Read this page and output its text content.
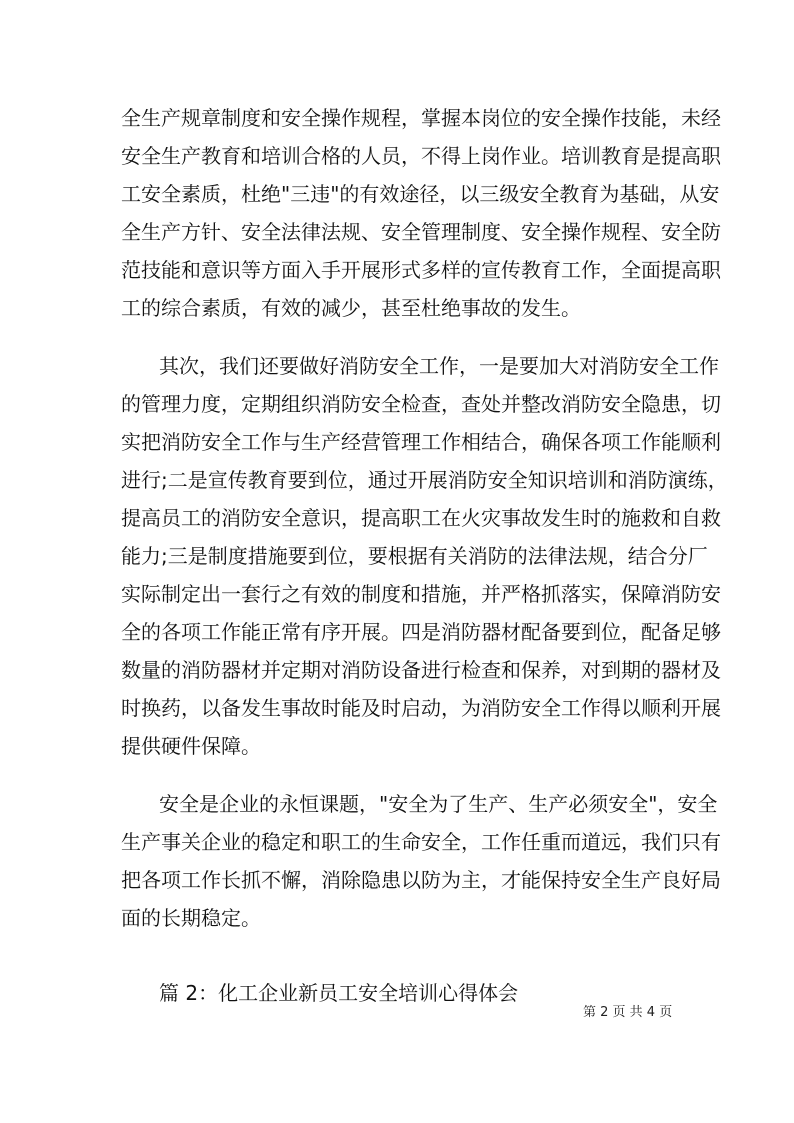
全生产规章制度和安全操作规程，掌握本岗位的安全操作技能，未经
安全生产教育和培训合格的人员，不得上岗作业。培训教育是提高职
工安全素质，杜绝"三违"的有效途径，以三级安全教育为基础，从安
全生产方针、安全法律法规、安全管理制度、安全操作规程、安全防
范技能和意识等方面入手开展形式多样的宣传教育工作，全面提高职
工的综合素质，有效的减少，甚至杜绝事故的发生。
其次，我们还要做好消防安全工作，一是要加大对消防安全工作
的管理力度，定期组织消防安全检查，查处并整改消防安全隐患，切
实把消防安全工作与生产经营管理工作相结合，确保各项工作能顺利
进行;二是宣传教育要到位，通过开展消防安全知识培训和消防演练，
提高员工的消防安全意识，提高职工在火灾事故发生时的施救和自救
能力;三是制度措施要到位，要根据有关消防的法律法规，结合分厂
实际制定出一套行之有效的制度和措施，并严格抓落实，保障消防安
全的各项工作能正常有序开展。四是消防器材配备要到位，配备足够
数量的消防器材并定期对消防设备进行检查和保养，对到期的器材及
时换药，以备发生事故时能及时启动，为消防安全工作得以顺利开展
提供硬件保障。
安全是企业的永恒课题，"安全为了生产、生产必须安全"，安全
生产事关企业的稳定和职工的生命安全，工作任重而道远，我们只有
把各项工作长抓不懈，消除隐患以防为主，才能保持安全生产良好局
面的长期稳定。
篇 2：化工企业新员工安全培训心得体会
第 2 页 共 4 页
